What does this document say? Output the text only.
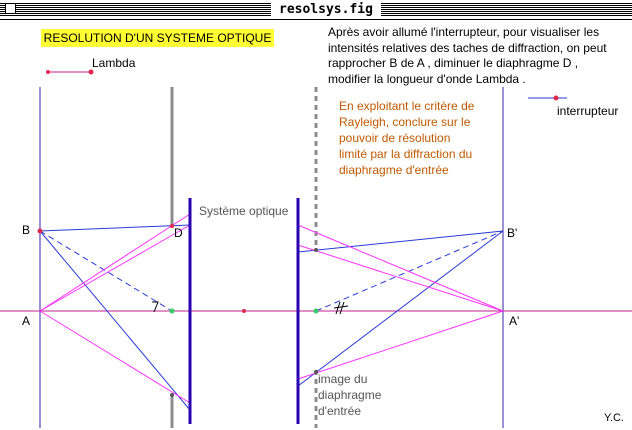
resolsys.fig
RESOLUTION D'UN SYSTEME OPTIQUE	Après avoir allumé l'interrupteur, pour visualiser les
intensités relatives des taches de diffraction, on peut
rapprocher B de A , diminuer le diaphragme D ,
modifier la longueur d'onde Lambda .
En exploitant le critère de
Rayleigh, conclure sur le
pouvoir de résolution
limité par la diffraction du
diaphragme d'entrée
Lambda
interrupteur
Système optique
image du
diaphragme
d'entrée
B
A
D	B'
A'
Y.C.
